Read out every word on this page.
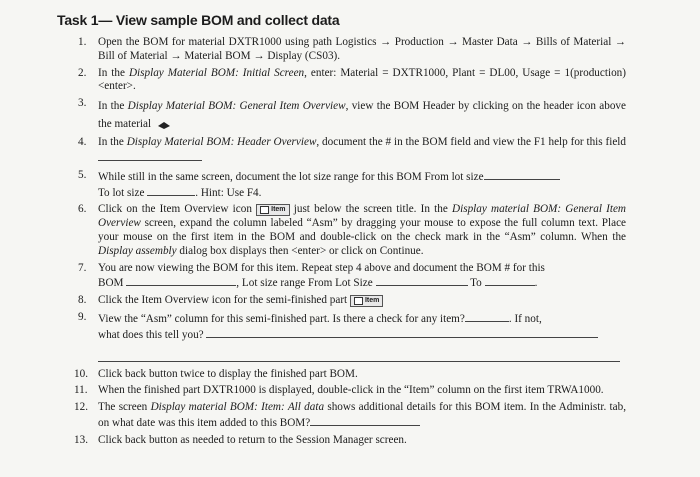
Task 1— View sample BOM and collect data
1. Open the BOM for material DXTR1000 using path Logistics → Production → Master Data → Bills of Material → Bill of Material → Material BOM → Display (CS03).
2. In the Display Material BOM: Initial Screen, enter: Material = DXTR1000, Plant = DL00, Usage = 1(production) <enter>.
3. In the Display Material BOM: General Item Overview, view the BOM Header by clicking on the header icon above the material
4. In the Display Material BOM: Header Overview, document the # in the BOM field and view the F1 help for this field
5. While still in the same screen, document the lot size range for this BOM From lot size
To lot size	. Hint: Use F4.
6. Click on the Item Overview icon	Item just below the screen title. In the Display material BOM: General Item Overview screen, expand the column labeled “Asm” by dragging your mouse to expose the full column text. Place your mouse on the first item in the BOM and double-click on the check mark in the “Asm” column. When the Display assembly dialog box displays then <enter> or click on Continue.
7. You are now viewing the BOM for this item. Repeat step 4 above and document the BOM # for this
BOM	, Lot size range From Lot Size	To	.
8. Click the Item Overview icon for the semi-finished part	Item
9. View the “Asm” column for this semi-finished part. Is there a check for any item?	. If not,
what does this tell you?
10. Click back button twice to display the finished part BOM.
11. When the finished part DXTR1000 is displayed, double-click in the “Item” column on the first item TRWA1000.
12. The screen Display material BOM: Item: All data shows additional details for this BOM item. In the Administr. tab, on what date was this item added to this BOM?
13. Click back button as needed to return to the Session Manager screen.
